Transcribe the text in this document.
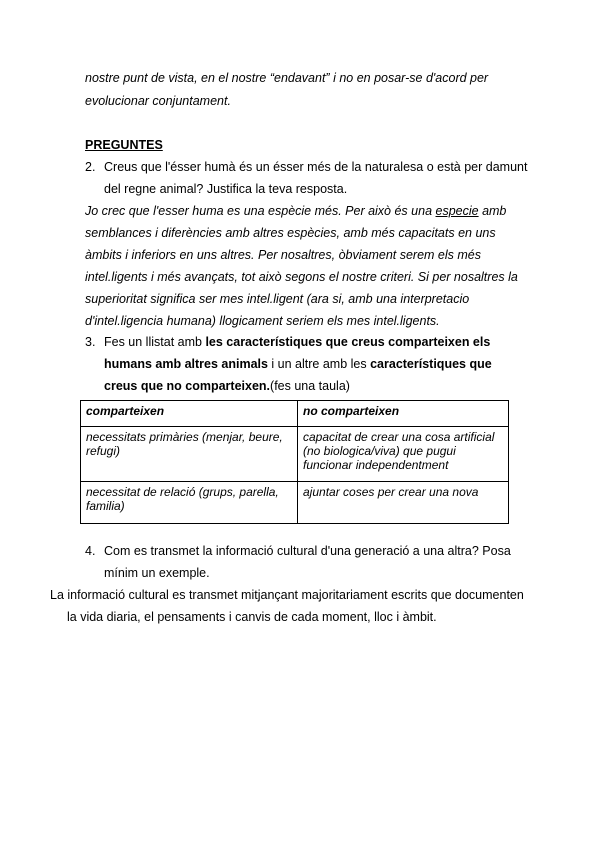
nostre punt de vista, en el nostre “endavant” i no en posar-se d'acord per
evolucionar conjuntament.
PREGUNTES
2. Creus que l'ésser humà és un ésser més de la naturalesa o està per damunt
del regne animal? Justifica la teva resposta.
Jo crec que l'esser huma es una espècie més. Per això és una especie amb
semblances i diferències amb altres espècies, amb més capacitats en uns
àmbits i inferiors en uns altres. Per nosaltres, òbviament serem els més
intel.ligents i més avançats, tot això segons el nostre criteri. Si per nosaltres la
superioritat significa ser mes intel.ligent (ara si, amb una interpretacio
d'intel.ligencia humana) llogicament seriem els mes intel.ligents.
3. Fes un llistat amb les característiques que creus comparteixen els
humans amb altres animals i un altre amb les característiques que
creus que no comparteixen.(fes una taula)
comparteixen	no comparteixen
necessitats primàries (menjar, beure, refugi)	capacitat de crear una cosa artificial (no biologica/viva) que pugui funcionar independentment
necessitat de relació (grups, parella, familia)	ajuntar coses per crear una nova
4. Com es transmet la informació cultural d'una generació a una altra? Posa
mínim un exemple.
La informació cultural es transmet mitjançant majoritariament escrits que documenten
la vida diaria, el pensaments i canvis de cada moment, lloc i àmbit.
